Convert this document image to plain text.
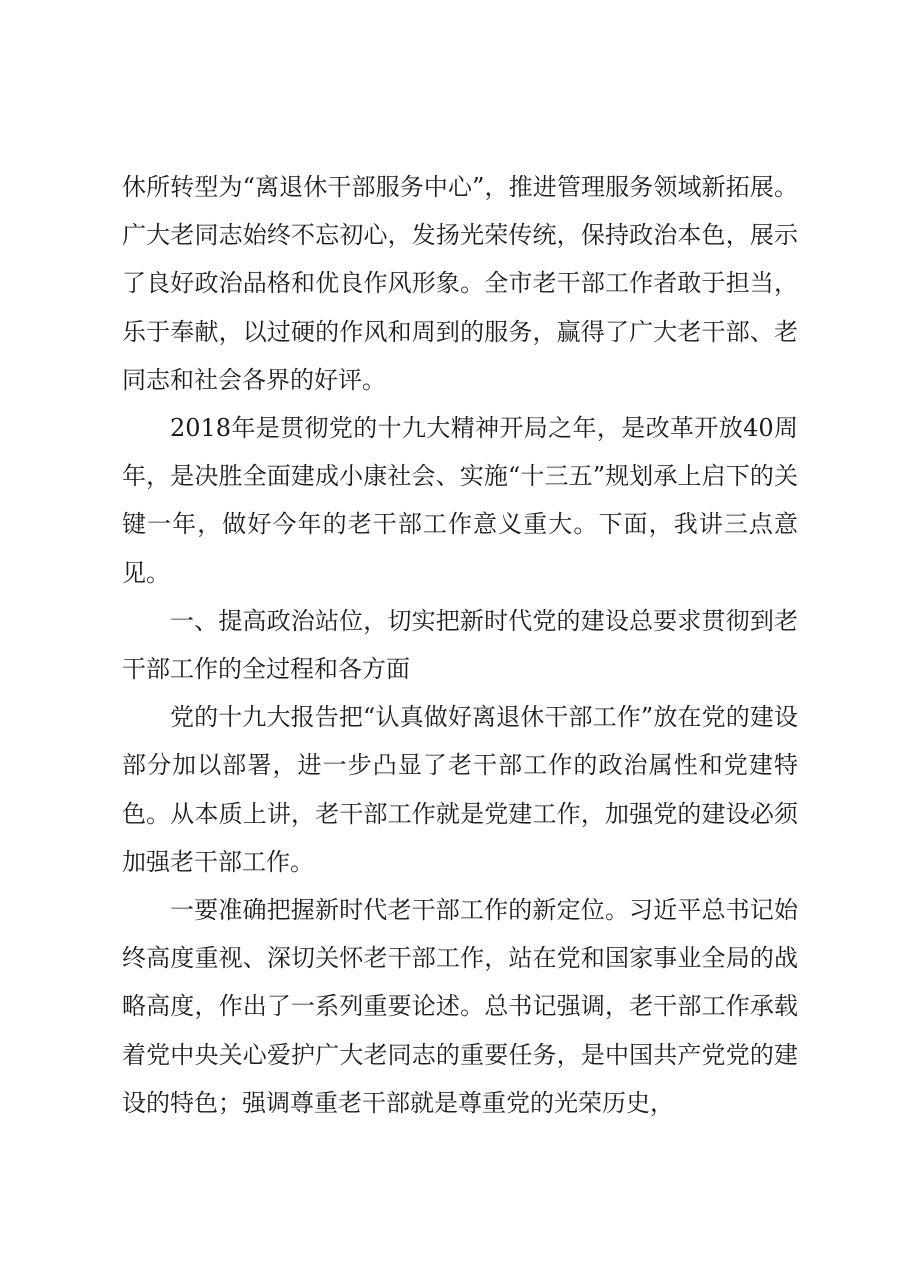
休所转型为“离退休干部服务中心”，推进管理服务领域新拓展。广大老同志始终不忘初心，发扬光荣传统，保持政治本色，展示了良好政治品格和优良作风形象。全市老干部工作者敢于担当，乐于奉献，以过硬的作风和周到的服务，赢得了广大老干部、老同志和社会各界的好评。

2018年是贯彻党的十九大精神开局之年，是改革开放40周年，是决胜全面建成小康社会、实施“十三五”规划承上启下的关键一年，做好今年的老干部工作意义重大。下面，我讲三点意见。

一、提高政治站位，切实把新时代党的建设总要求贯彻到老干部工作的全过程和各方面

党的十九大报告把“认真做好离退休干部工作”放在党的建设部分加以部署，进一步凸显了老干部工作的政治属性和党建特色。从本质上讲，老干部工作就是党建工作，加强党的建设必须加强老干部工作。

一要准确把握新时代老干部工作的新定位。习近平总书记始终高度重视、深切关怀老干部工作，站在党和国家事业全局的战略高度，作出了一系列重要论述。总书记强调，老干部工作承载着党中央关心爱护广大老同志的重要任务，是中国共产党党的建设的特色；强调尊重老干部就是尊重党的光荣历史，
